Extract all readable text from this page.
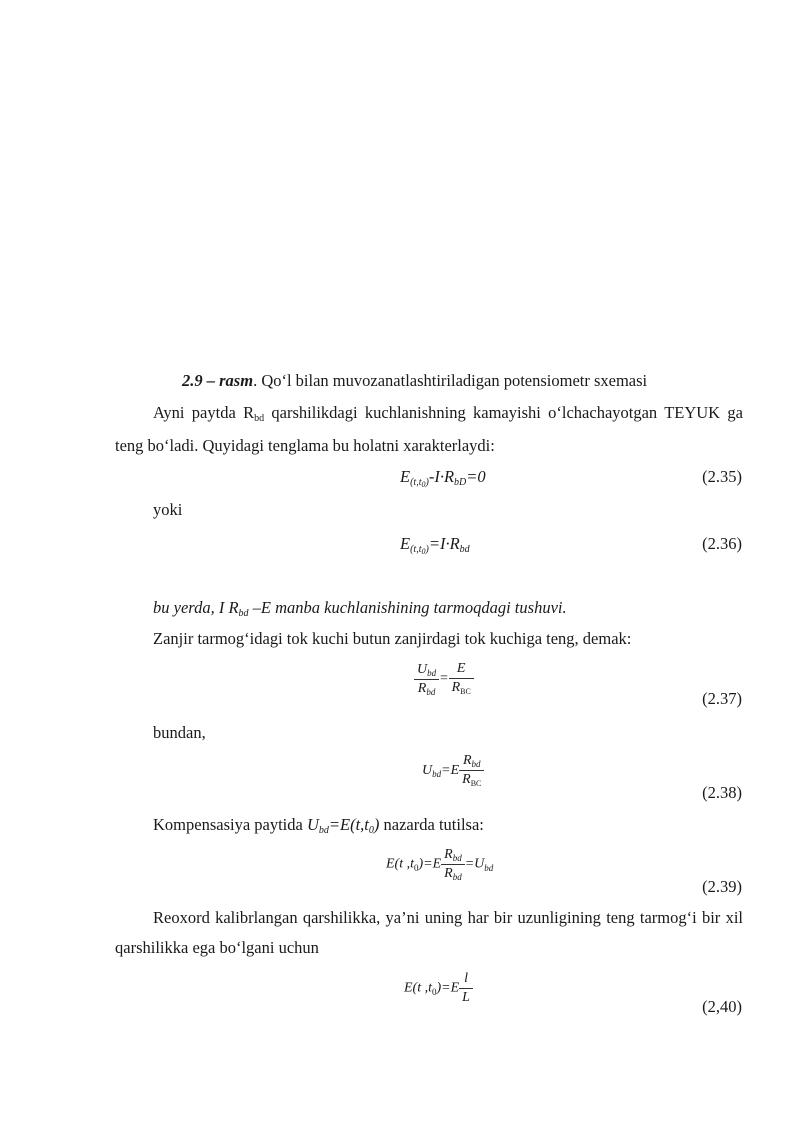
2.9 – rasm. Qo‘l bilan muvozanatlashtiriladigan potensiometr sxemasi
Ayni paytda $R_{bd}$ qarshilikdagi kuchlanishning kamayishi o‘lchachayotgan TEYUK ga teng bo‘ladi. Quyidagi tenglama bu holatni xarakterlaydi:
$E_{(t,t0)}-I\cdot R_{bD}=0$	(2.35)
yoki
$E_{(t,t0)}=I\cdot R_{bd}$	(2.36)
bu yerda, I $R_{bd}$ –E manba kuchlanishining tarmoqdagi tushuvi.
Zanjir tarmog‘idagi tok kuchi butun zanjirdagi tok kuchiga teng, demak:
$\frac{U_{bd}}{R_{bd}} = \frac{E}{R_{BC}}$
(2.37)
bundan,
$U_{bd}=E \frac{R_{bd}}{R_{BC}}$
(2.38)
Kompensasiya paytida $U_{bd}=E(t,t_0)$ nazarda tutilsa:
E(t $,t_0)=E \frac{R_{bd}}{R_{bd}} =U_{bd}$
(2.39)
Reoxord kalibrlangan qarshilikka, ya’ni uning har bir uzunligining teng tarmog‘i bir xil qarshilikka ega bo‘lgani uchun
E(t $,t_0)=E \frac{l}{L}$	(2,40)
